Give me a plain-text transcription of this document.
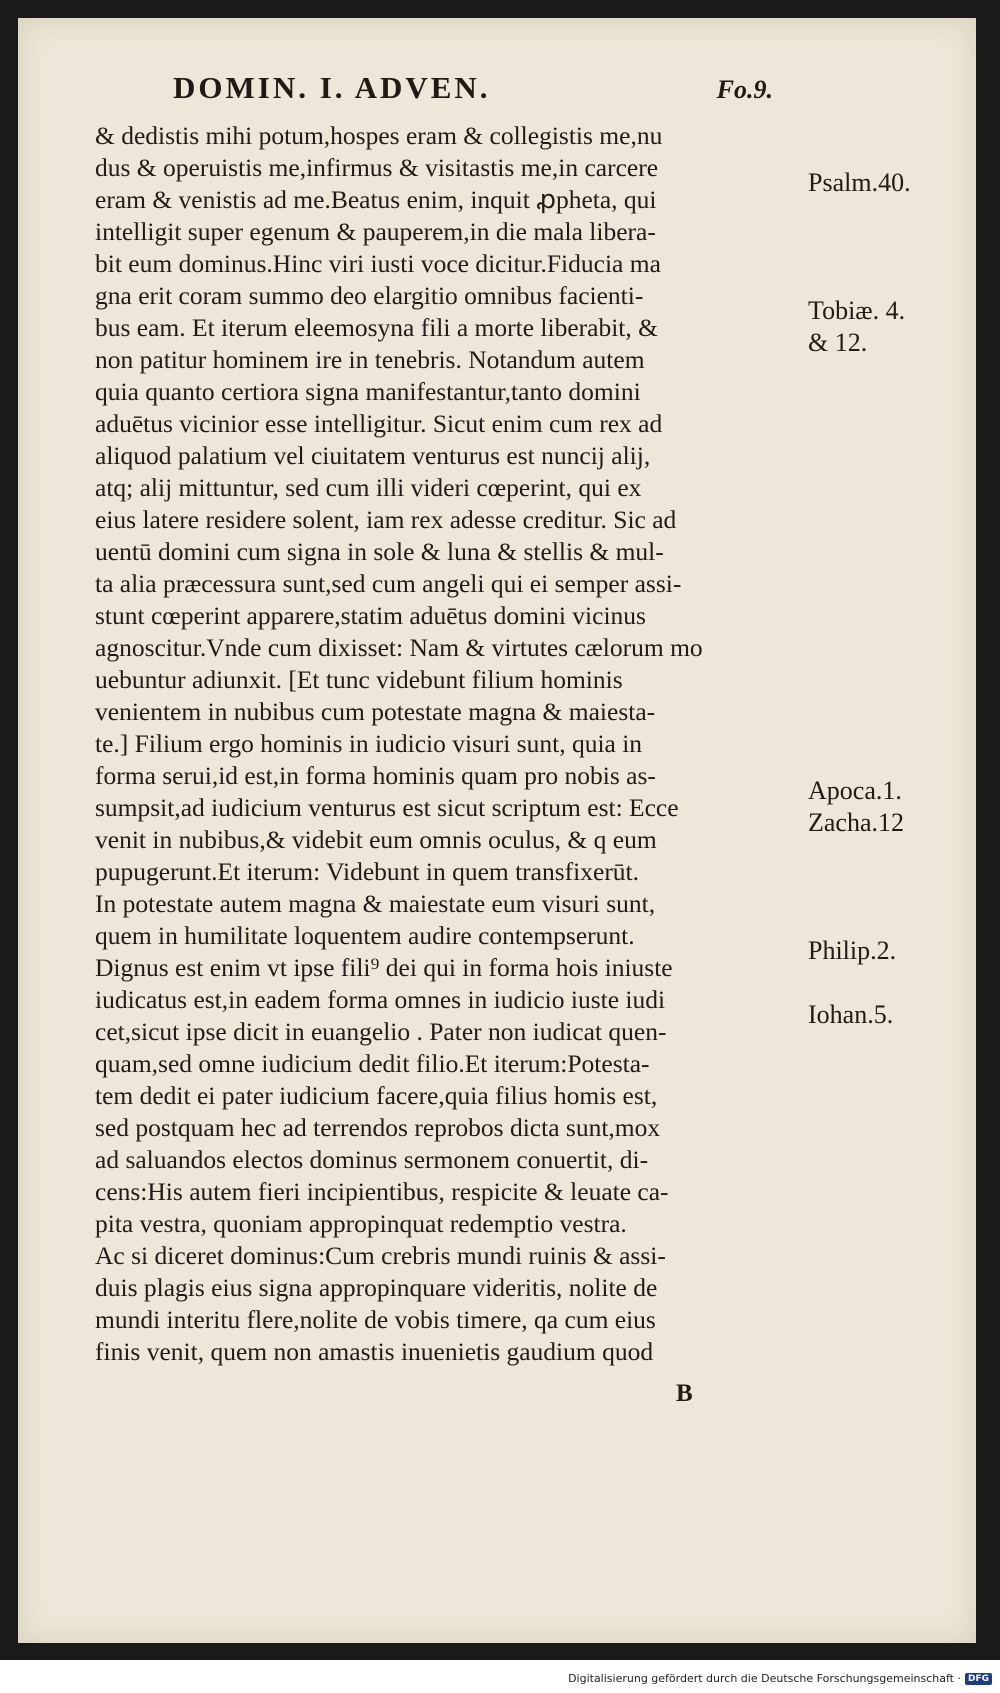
DOMIN. I. ADVEN.	Fo.9.
& dedistis mihi potum,hospes eram & collegistis me,nu
dus & operuistis me,infirmus & visitastis me,in carcere
eram & venistis ad me.Beatus enim, inquit ꝓpheta, qui
intelligit super egenum & pauperem,in die mala libera-
bit eum dominus.Hinc viri iusti voce dicitur.Fiducia ma
gna erit coram summo deo elargitio omnibus facienti-
bus eam. Et iterum eleemosyna fili a morte liberabit, &
non patitur hominem ire in tenebris. Notandum autem
quia quanto certiora signa manifestantur,tanto domini
aduētus vicinior esse intelligitur. Sicut enim cum rex ad
aliquod palatium vel ciuitatem venturus est nuncij alij,
atq; alij mittuntur, sed cum illi videri cœperint, qui ex
eius latere residere solent, iam rex adesse creditur. Sic ad
uentū domini cum signa in sole & luna & stellis & mul-
ta alia præcessura sunt,sed cum angeli qui ei semper assi-
stunt cœperint apparere,statim aduētus domini vicinus
agnoscitur.Vnde cum dixisset: Nam & virtutes cælorum mo
uebuntur adiunxit. [Et tunc videbunt filium hominis
venientem in nubibus cum potestate magna & maiesta-
te.] Filium ergo hominis in iudicio visuri sunt, quia in
forma serui,id est,in forma hominis quam pro nobis as-
sumpsit,ad iudicium venturus est sicut scriptum est: Ecce
venit in nubibus,& videbit eum omnis oculus, & q eum
pupugerunt.Et iterum: Videbunt in quem transfixerūt.
In potestate autem magna & maiestate eum visuri sunt,
quem in humilitate loquentem audire contempserunt.
Dignus est enim vt ipse fili⁹ dei qui in forma hois iniuste
iudicatus est,in eadem forma omnes in iudicio iuste iudi
cet,sicut ipse dicit in euangelio . Pater non iudicat quen-
quam,sed omne iudicium dedit filio.Et iterum:Potesta-
tem dedit ei pater iudicium facere,quia filius homis est,
sed postquam hec ad terrendos reprobos dicta sunt,mox
ad saluandos electos dominus sermonem conuertit, di-
cens:His autem fieri incipientibus, respicite & leuate ca-
pita vestra, quoniam appropinquat redemptio vestra.
Ac si diceret dominus:Cum crebris mundi ruinis & assi-
duis plagis eius signa appropinquare videritis, nolite de
mundi interitu flere,nolite de vobis timere, qa cum eius
finis venit, quem non amastis inuenietis gaudium quod
Psalm.40.
Tobiæ. 4.
& 12.
Apoca.1.
Zacha.12
Philip.2.
Iohan.5.
B
Digitalisierung gefördert durch die Deutsche Forschungsgemeinschaft · DFG
